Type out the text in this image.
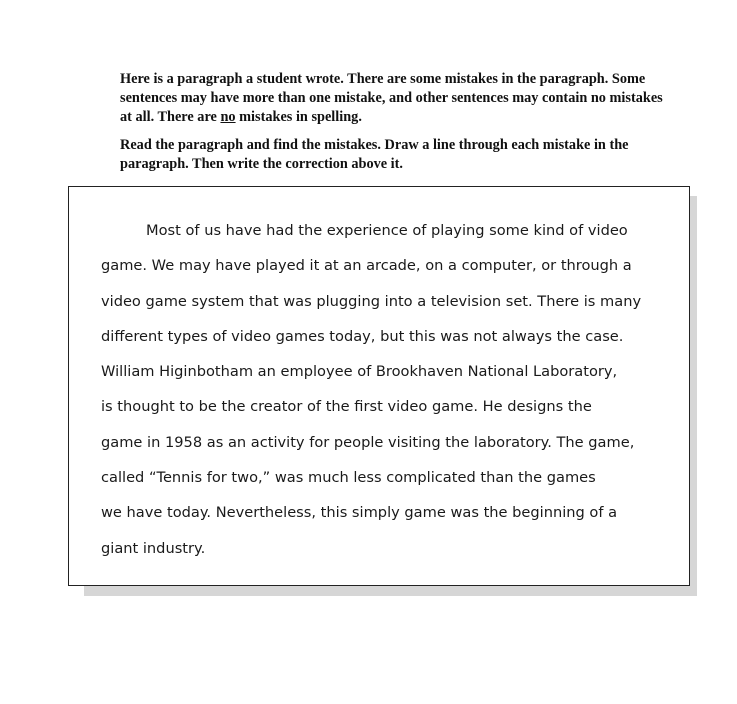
Here is a paragraph a student wrote. There are some mistakes in the paragraph. Some
sentences may have more than one mistake, and other sentences may contain no mistakes
at all. There are no mistakes in spelling.

Read the paragraph and find the mistakes. Draw a line through each mistake in the
paragraph. Then write the correction above it.

Most of us have had the experience of playing some kind of video
game. We may have played it at an arcade, on a computer, or through a
video game system that was plugging into a television set. There is many
different types of video games today, but this was not always the case.
William Higinbotham an employee of Brookhaven National Laboratory,
is thought to be the creator of the first video game. He designs the
game in 1958 as an activity for people visiting the laboratory. The game,
called “Tennis for two,” was much less complicated than the games
we have today. Nevertheless, this simply game was the beginning of a
giant industry.
